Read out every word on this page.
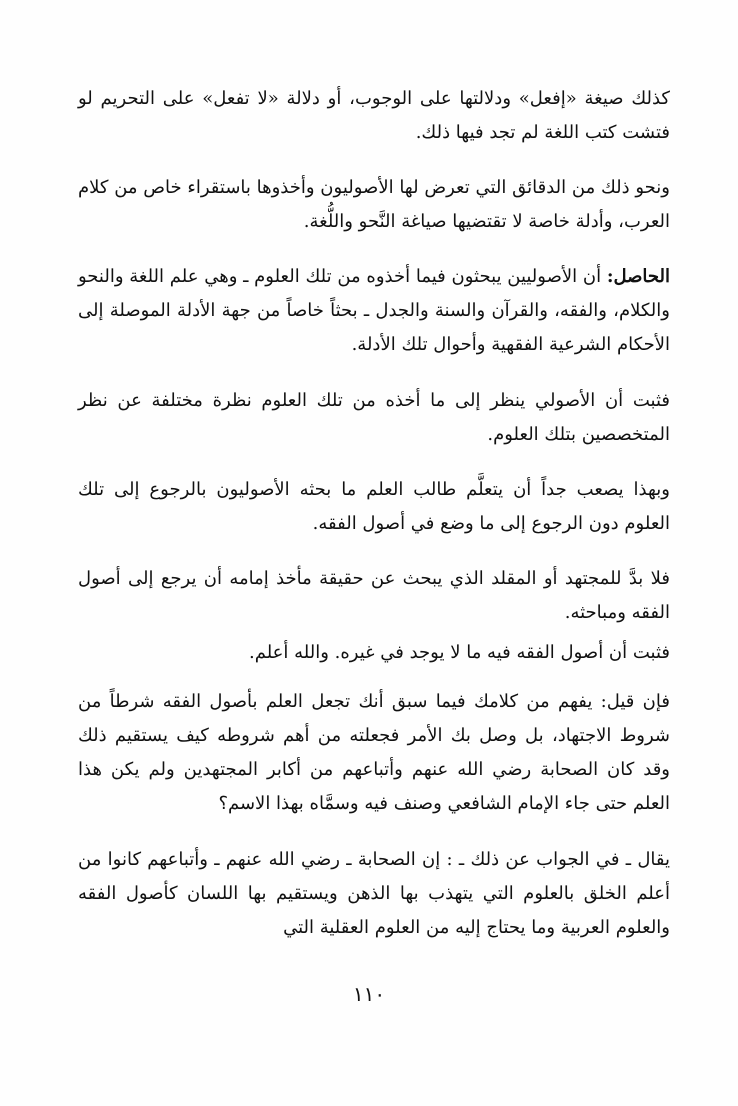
كذلك صيغة «إفعل» ودلالتها على الوجوب، أو دلالة «لا تفعل» على التحريم لو فتشت كتب اللغة لم تجد فيها ذلك.

ونحو ذلك من الدقائق التي تعرض لها الأصوليون وأخذوها باستقراء خاص من كلام العرب، وأدلة خاصة لا تقتضيها صياغة النَّحو واللُّغة.

الحاصل: أن الأصوليين يبحثون فيما أخذوه من تلك العلوم ـ وهي علم اللغة والنحو والكلام، والفقه، والقرآن والسنة والجدل ـ بحثاً خاصاً من جهة الأدلة الموصلة إلى الأحكام الشرعية الفقهية وأحوال تلك الأدلة.

فثبت أن الأصولي ينظر إلى ما أخذه من تلك العلوم نظرة مختلفة عن نظر المتخصصين بتلك العلوم.

وبهذا يصعب جداً أن يتعلَّم طالب العلم ما بحثه الأصوليون بالرجوع إلى تلك العلوم دون الرجوع إلى ما وضع في أصول الفقه.

فلا بدَّ للمجتهد أو المقلد الذي يبحث عن حقيقة مأخذ إمامه أن يرجع إلى أصول الفقه ومباحثه.

فثبت أن أصول الفقه فيه ما لا يوجد في غيره. والله أعلم.

فإن قيل: يفهم من كلامك فيما سبق أنك تجعل العلم بأصول الفقه شرطاً من شروط الاجتهاد، بل وصل بك الأمر فجعلته من أهم شروطه كيف يستقيم ذلك وقد كان الصحابة رضي الله عنهم وأتباعهم من أكابر المجتهدين ولم يكن هذا العلم حتى جاء الإمام الشافعي وصنف فيه وسمَّاه بهذا الاسم؟

يقال ـ في الجواب عن ذلك ـ : إن الصحابة ـ رضي الله عنهم ـ وأتباعهم كانوا من أعلم الخلق بالعلوم التي يتهذب بها الذهن ويستقيم بها اللسان كأصول الفقه والعلوم العربية وما يحتاج إليه من العلوم العقلية التي

١١٠
